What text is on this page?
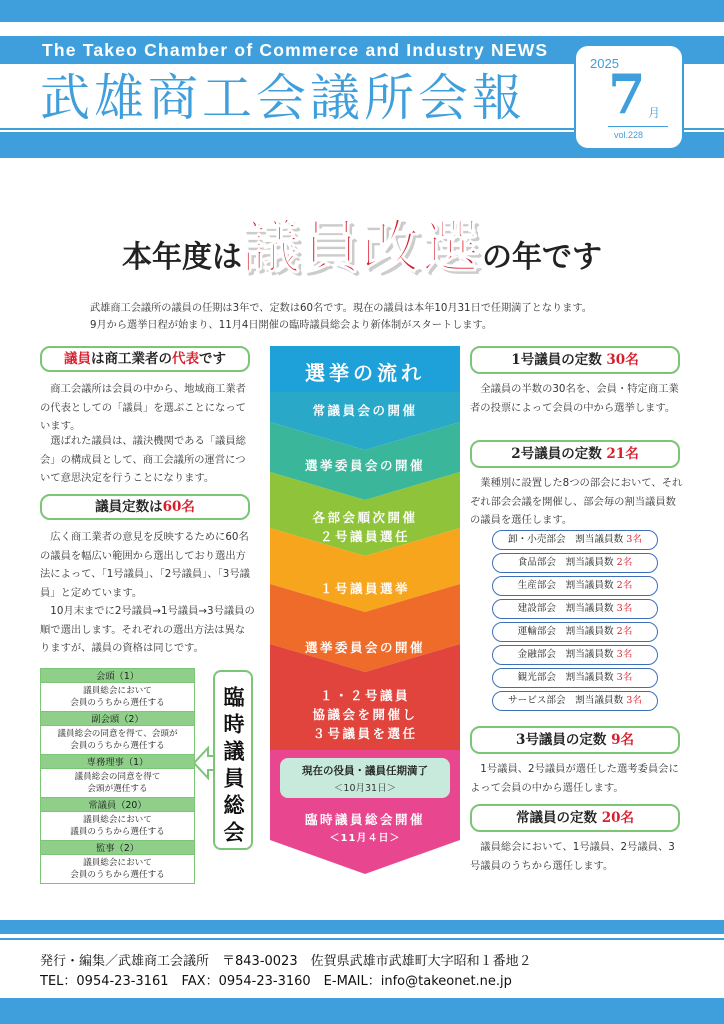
The Takeo Chamber of Commerce and Industry NEWS
武雄商工会議所会報
2025
7 月
vol.228
本年度は議員改選の年です
武雄商工会議所の議員の任期は3年で、定数は60名です。現在の議員は本年10月31日で任期満了となります。
9月から選挙日程が始まり、11月4日開催の臨時議員総会より新体制がスタートします。
議員は商工業者の代表です
商工会議所は会員の中から、地域商工業者の代表としての「議員」を選ぶことになっています。
選ばれた議員は、議決機関である「議員総会」の構成員として、商工会議所の運営について意思決定を行うことになります。
議員定数は60名
広く商工業者の意見を反映するために60名の議員を幅広い範囲から選出しており選出方法によって、「1号議員」、「2号議員」、「3号議員」と定めています。
10月末までに2号議員→1号議員→3号議員の順で選出します。それぞれの選出方法は異なりますが、議員の資格は同じです。
会頭（1）
議員総会において
会員のうちから選任する
副会頭（2）
議員総会の同意を得て、会頭が
会員のうちから選任する
専務理事（1）
議員総会の同意を得て
会頭が選任する
常議員（20）
議員総会において
議員のうちから選任する
監事（2）
議員総会において
会員のうちから選任する
臨時議員総会
選挙の流れ
常議員会の開催
選挙委員会の開催
各部会順次開催
２号議員選任
１号議員選挙
選挙委員会の開催
１・２号議員
協議会を開催し
３号議員を選任
現在の役員・議員任期満了
＜10月31日＞
臨時議員総会開催
＜11月４日＞
1号議員の定数 30名
全議員の半数の30名を、会員・特定商工業者の投票によって会員の中から選挙します。
2号議員の定数 21名
業種別に設置した8つの部会において、それぞれ部会会議を開催し、部会毎の割当議員数の議員を選任します。
卸・小売部会　 割当議員数 3名
食品部会　 割当議員数 2名
生産部会　 割当議員数 2名
建設部会　 割当議員数 3名
運輸部会　 割当議員数 2名
金融部会　 割当議員数 3名
観光部会　 割当議員数 3名
サービス部会　 割当議員数 3名
3号議員の定数 9名
1号議員、2号議員が選任した選考委員会によって会員の中から選任します。
常議員の定数 20名
議員総会において、1号議員、2号議員、3号議員のうちから選任します。
発行・編集／武雄商工会議所　〒843-0023　佐賀県武雄市武雄町大字昭和１番地２
TEL：0954-23-3161　FAX：0954-23-3160　E-MAIL：info@takeonet.ne.jp
